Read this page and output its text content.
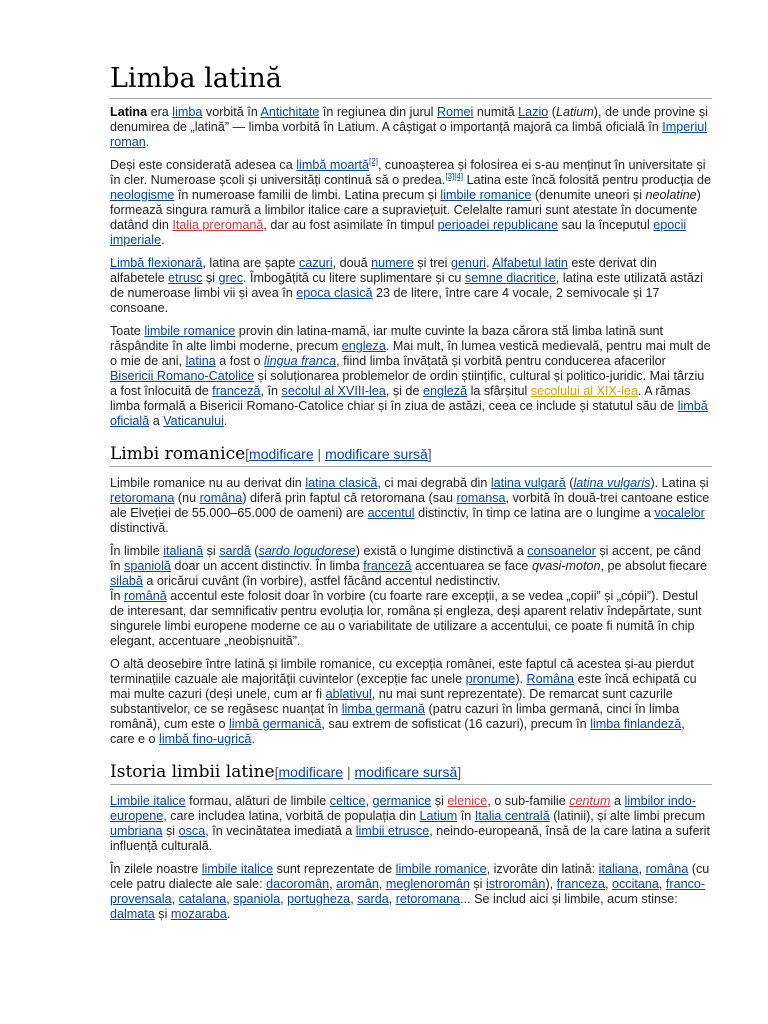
Limba latină

Latina era limba vorbită în Antichitate în regiunea din jurul Romei numită Lazio (Latium), de unde provine și denumirea de „latină” — limba vorbită în Latium. A câștigat o importanță majoră ca limbă oficială în Imperiul roman.

Deși este considerată adesea ca limbă moartă[2], cunoașterea și folosirea ei s-au menținut în universitate și în cler. Numeroase școli și universități continuă să o predea.[3][4] Latina este încă folosită pentru producția de neologisme în numeroase familii de limbi. Latina precum și limbile romanice (denumite uneori și neolatine) formează singura ramură a limbilor italice care a supraviețuit. Celelalte ramuri sunt atestate în documente datând din Italia preromană, dar au fost asimilate în timpul perioadei republicane sau la începutul epocii imperiale.

Limbă flexionară, latina are șapte cazuri, două numere și trei genuri. Alfabetul latin este derivat din alfabetele etrusc și grec. Îmbogățită cu litere suplimentare și cu semne diacritice, latina este utilizată astăzi de numeroase limbi vii și avea în epoca clasică 23 de litere, între care 4 vocale, 2 semivocale și 17 consoane.

Toate limbile romanice provin din latina-mamă, iar multe cuvinte la baza cărora stă limba latină sunt răspândite în alte limbi moderne, precum engleza. Mai mult, în lumea vestică medievală, pentru mai mult de o mie de ani, latina a fost o lingua franca, fiind limba învățată și vorbită pentru conducerea afacerilor Bisericii Romano-Catolice și soluționarea problemelor de ordin științific, cultural și politico-juridic. Mai târziu a fost înlocuită de franceză, în secolul al XVIII-lea, și de engleză la sfârșitul secolului al XIX-lea. A rămas limba formală a Bisericii Romano-Catolice chiar și în ziua de astăzi, ceea ce include și statutul său de limbă oficială a Vaticanului.

Limbi romanice[modificare | modificare sursă]

Limbile romanice nu au derivat din latina clasică, ci mai degrabă din latina vulgară (latina vulgaris). Latina și retoromana (nu româna) diferă prin faptul că retoromana (sau romansa, vorbită în două-trei cantoane estice ale Elveției de 55.000–65.000 de oameni) are accentul distinctiv, în timp ce latina are o lungime a vocalelor distinctivă.

În limbile italiană și sardă (sardo logudorese) există o lungime distinctivă a consoanelor și accent, pe când în spaniolă doar un accent distinctiv. În limba franceză accentuarea se face qvasi-moton, pe absolut fiecare silabă a oricărui cuvânt (în vorbire), astfel făcând accentul nedistinctiv.
În română accentul este folosit doar în vorbire (cu foarte rare excepții, a se vedea „copii” și „cópii”). Destul de interesant, dar semnificativ pentru evoluția lor, româna și engleza, deși aparent relativ îndepărtate, sunt singurele limbi europene moderne ce au o variabilitate de utilizare a accentului, ce poate fi numită în chip elegant, accentuare „neobișnuită”.

O altă deosebire între latină și limbile romanice, cu excepția românei, este faptul că acestea și-au pierdut terminațiile cazuale ale majorităţii cuvintelor (excepție fac unele pronume). Româna este încă echipată cu mai multe cazuri (deși unele, cum ar fi ablativul, nu mai sunt reprezentate). De remarcat sunt cazurile substantivelor, ce se regăsesc nuanțat în limba germană (patru cazuri în limba germană, cinci în limba română), cum este o limbă germanică, sau extrem de sofisticat (16 cazuri), precum în limba finlandeză, care e o limbă fino-ugrică.

Istoria limbii latine[modificare | modificare sursă]

Limbile italice formau, alături de limbile celtice, germanice și elenice, o sub-familie centum a limbilor indo-europene, care includea latina, vorbită de populația din Latium în Italia centrală (latinii), și alte limbi precum umbriana și osca, în vecinătatea imediată a limbii etrusce, neindo-europeană, însă de la care latina a suferit influență culturală.

În zilele noastre limbile italice sunt reprezentate de limbile romanice, izvorâte din latină: italiana, româna (cu cele patru dialecte ale sale: dacoromân, aromân, meglenoromân și istroromân), franceza, occitana, franco-provensala, catalana, spaniola, portugheza, sarda, retoromana... Se includ aici și limbile, acum stinse: dalmata și mozaraba.
